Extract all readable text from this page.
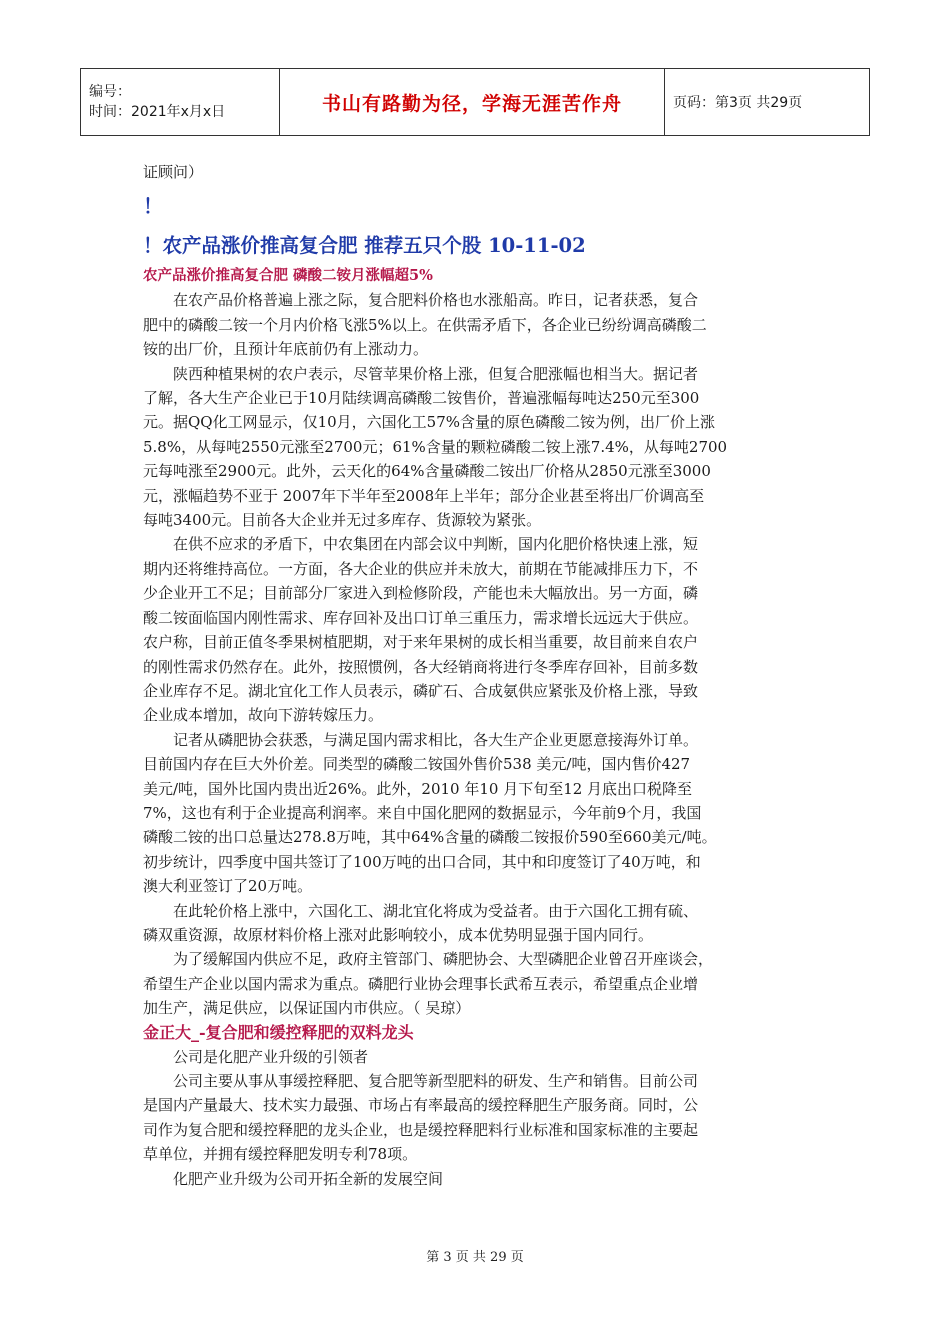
编号：
时间：2021年x月x日	书山有路勤为径，学海无涯苦作舟	页码：第3页 共29页
证顾问）
！
！农产品涨价推高复合肥 推荐五只个股 10-11-02
农产品涨价推高复合肥 磷酸二铵月涨幅超5%
在农产品价格普遍上涨之际，复合肥料价格也水涨船高。昨日，记者获悉，复合
肥中的磷酸二铵一个月内价格飞涨5%以上。在供需矛盾下，各企业已纷纷调高磷酸二
铵的出厂价，且预计年底前仍有上涨动力。
陕西种植果树的农户表示，尽管苹果价格上涨，但复合肥涨幅也相当大。据记者
了解，各大生产企业已于10月陆续调高磷酸二铵售价，普遍涨幅每吨达250元至300
元。据QQ化工网显示，仅10月，六国化工57%含量的原色磷酸二铵为例，出厂价上涨
5.8%，从每吨2550元涨至2700元；61%含量的颗粒磷酸二铵上涨7.4%，从每吨2700
元每吨涨至2900元。此外，云天化的64%含量磷酸二铵出厂价格从2850元涨至3000
元，涨幅趋势不亚于 2007年下半年至2008年上半年；部分企业甚至将出厂价调高至
每吨3400元。目前各大企业并无过多库存、货源较为紧张。
在供不应求的矛盾下，中农集团在内部会议中判断，国内化肥价格快速上涨，短
期内还将维持高位。一方面，各大企业的供应并未放大，前期在节能减排压力下，不
少企业开工不足；目前部分厂家进入到检修阶段，产能也未大幅放出。另一方面，磷
酸二铵面临国内刚性需求、库存回补及出口订单三重压力，需求增长远远大于供应。
农户称，目前正值冬季果树植肥期，对于来年果树的成长相当重要，故目前来自农户
的刚性需求仍然存在。此外，按照惯例，各大经销商将进行冬季库存回补，目前多数
企业库存不足。湖北宜化工作人员表示，磷矿石、合成氨供应紧张及价格上涨，导致
企业成本增加，故向下游转嫁压力。
记者从磷肥协会获悉，与满足国内需求相比，各大生产企业更愿意接海外订单。
目前国内存在巨大外价差。同类型的磷酸二铵国外售价538 美元/吨，国内售价427
美元/吨，国外比国内贵出近26%。此外，2010 年10 月下旬至12 月底出口税降至
7%，这也有利于企业提高利润率。来自中国化肥网的数据显示，今年前9个月，我国
磷酸二铵的出口总量达278.8万吨，其中64%含量的磷酸二铵报价590至660美元/吨。
初步统计，四季度中国共签订了100万吨的出口合同，其中和印度签订了40万吨，和
澳大利亚签订了20万吨。
在此轮价格上涨中，六国化工、湖北宜化将成为受益者。由于六国化工拥有硫、
磷双重资源，故原材料价格上涨对此影响较小，成本优势明显强于国内同行。
为了缓解国内供应不足，政府主管部门、磷肥协会、大型磷肥企业曾召开座谈会，
希望生产企业以国内需求为重点。磷肥行业协会理事长武希互表示，希望重点企业增
加生产，满足供应，以保证国内市供应。（ 吴琼）
金正大_-复合肥和缓控释肥的双料龙头
公司是化肥产业升级的引领者
公司主要从事从事缓控释肥、复合肥等新型肥料的研发、生产和销售。目前公司
是国内产量最大、技术实力最强、市场占有率最高的缓控释肥生产服务商。同时，公
司作为复合肥和缓控释肥的龙头企业，也是缓控释肥料行业标准和国家标准的主要起
草单位，并拥有缓控释肥发明专利78项。
化肥产业升级为公司开拓全新的发展空间
第 3 页 共 29 页
